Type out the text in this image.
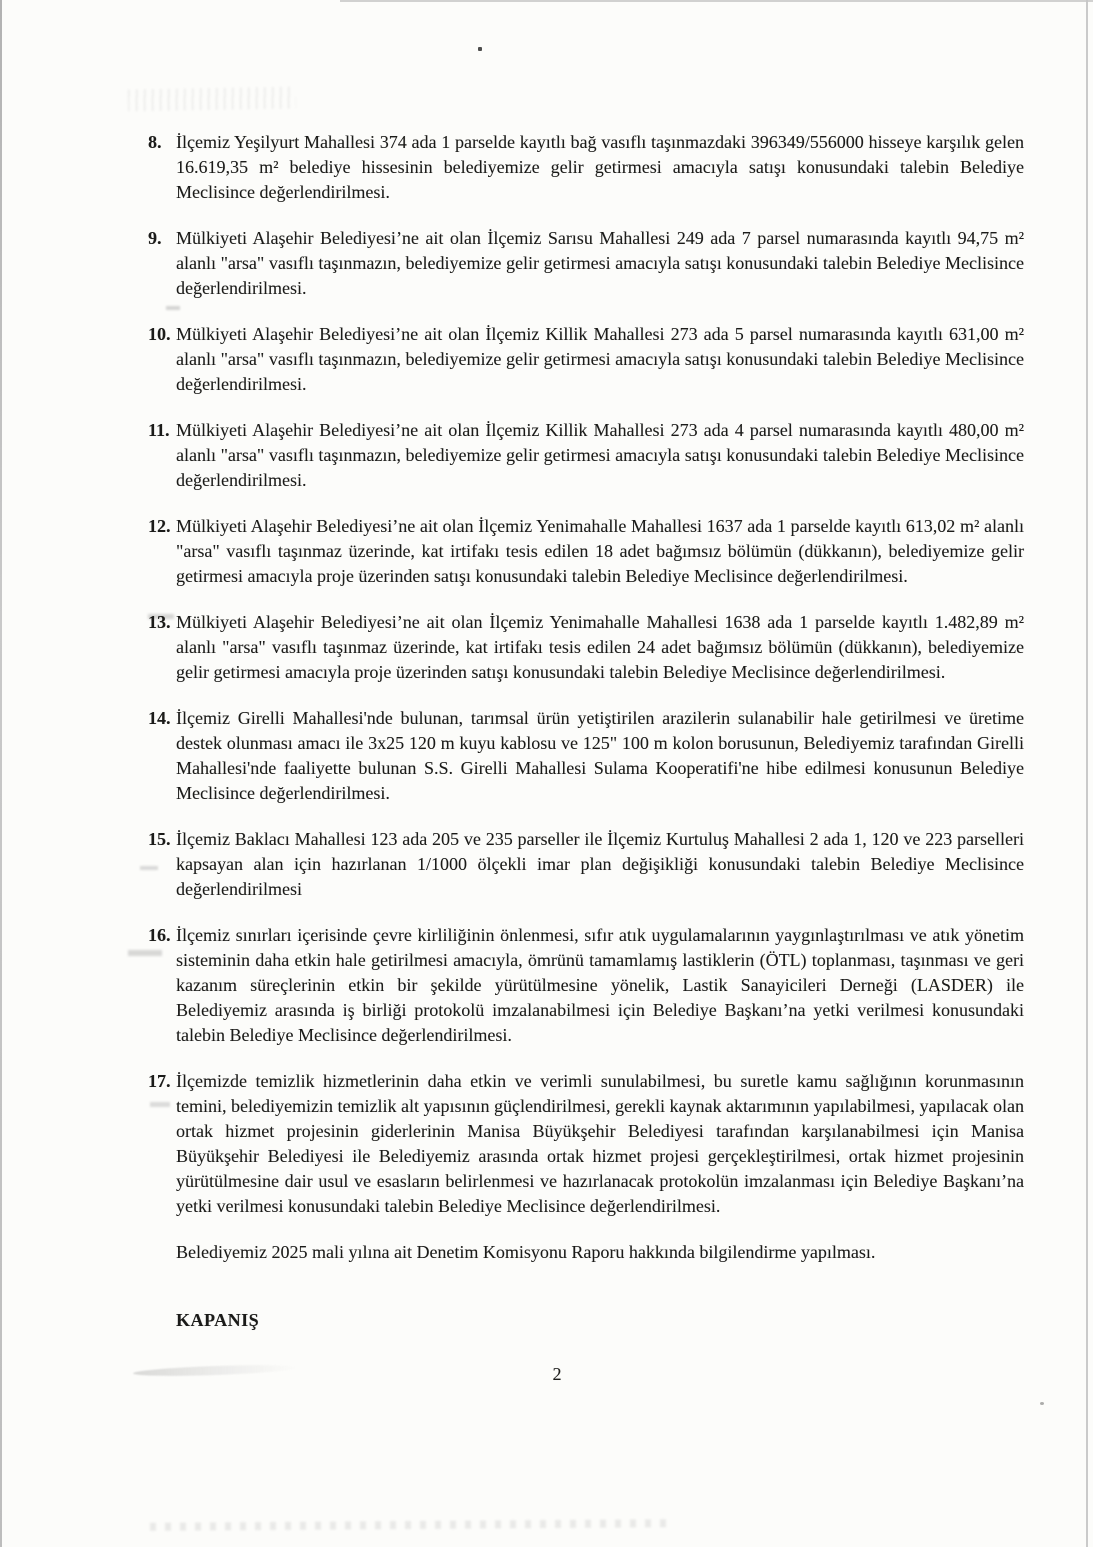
8. İlçemiz Yeşilyurt Mahallesi 374 ada 1 parselde kayıtlı bağ vasıflı taşınmazdaki 396349/556000 hisseye karşılık gelen 16.619,35 m² belediye hissesinin belediyemize gelir getirmesi amacıyla satışı konusundaki talebin Belediye Meclisince değerlendirilmesi.
9. Mülkiyeti Alaşehir Belediyesi’ne ait olan İlçemiz Sarısu Mahallesi 249 ada 7 parsel numarasında kayıtlı 94,75 m² alanlı "arsa" vasıflı taşınmazın, belediyemize gelir getirmesi amacıyla satışı konusundaki talebin Belediye Meclisince değerlendirilmesi.
10. Mülkiyeti Alaşehir Belediyesi’ne ait olan İlçemiz Killik Mahallesi 273 ada 5 parsel numarasında kayıtlı 631,00 m² alanlı "arsa" vasıflı taşınmazın, belediyemize gelir getirmesi amacıyla satışı konusundaki talebin Belediye Meclisince değerlendirilmesi.
11. Mülkiyeti Alaşehir Belediyesi’ne ait olan İlçemiz Killik Mahallesi 273 ada 4 parsel numarasında kayıtlı 480,00 m² alanlı "arsa" vasıflı taşınmazın, belediyemize gelir getirmesi amacıyla satışı konusundaki talebin Belediye Meclisince değerlendirilmesi.
12. Mülkiyeti Alaşehir Belediyesi’ne ait olan İlçemiz Yenimahalle Mahallesi 1637 ada 1 parselde kayıtlı 613,02 m² alanlı "arsa" vasıflı taşınmaz üzerinde, kat irtifakı tesis edilen 18 adet bağımsız bölümün (dükkanın), belediyemize gelir getirmesi amacıyla proje üzerinden satışı konusundaki talebin Belediye Meclisince değerlendirilmesi.
13. Mülkiyeti Alaşehir Belediyesi’ne ait olan İlçemiz Yenimahalle Mahallesi 1638 ada 1 parselde kayıtlı 1.482,89 m² alanlı "arsa" vasıflı taşınmaz üzerinde, kat irtifakı tesis edilen 24 adet bağımsız bölümün (dükkanın), belediyemize gelir getirmesi amacıyla proje üzerinden satışı konusundaki talebin Belediye Meclisince değerlendirilmesi.
14. İlçemiz Girelli Mahallesi'nde bulunan, tarımsal ürün yetiştirilen arazilerin sulanabilir hale getirilmesi ve üretime destek olunması amacı ile 3x25 120 m kuyu kablosu ve 125" 100 m kolon borusunun, Belediyemiz tarafından Girelli Mahallesi'nde faaliyette bulunan S.S. Girelli Mahallesi Sulama Kooperatifi'ne hibe edilmesi konusunun Belediye Meclisince değerlendirilmesi.
15. İlçemiz Baklacı Mahallesi 123 ada 205 ve 235 parseller ile İlçemiz Kurtuluş Mahallesi 2 ada 1, 120 ve 223 parselleri kapsayan alan için hazırlanan 1/1000 ölçekli imar plan değişikliği konusundaki talebin Belediye Meclisince değerlendirilmesi
16. İlçemiz sınırları içerisinde çevre kirliliğinin önlenmesi, sıfır atık uygulamalarının yaygınlaştırılması ve atık yönetim sisteminin daha etkin hale getirilmesi amacıyla, ömrünü tamamlamış lastiklerin (ÖTL) toplanması, taşınması ve geri kazanım süreçlerinin etkin bir şekilde yürütülmesine yönelik, Lastik Sanayicileri Derneği (LASDER) ile Belediyemiz arasında iş birliği protokolü imzalanabilmesi için Belediye Başkanı’na yetki verilmesi konusundaki talebin Belediye Meclisince değerlendirilmesi.
17. İlçemizde temizlik hizmetlerinin daha etkin ve verimli sunulabilmesi, bu suretle kamu sağlığının korunmasının temini, belediyemizin temizlik alt yapısının güçlendirilmesi, gerekli kaynak aktarımının yapılabilmesi, yapılacak olan ortak hizmet projesinin giderlerinin Manisa Büyükşehir Belediyesi tarafından karşılanabilmesi için Manisa Büyükşehir Belediyesi ile Belediyemiz arasında ortak hizmet projesi gerçekleştirilmesi, ortak hizmet projesinin yürütülmesine dair usul ve esasların belirlenmesi ve hazırlanacak protokolün imzalanması için Belediye Başkanı’na yetki verilmesi konusundaki talebin Belediye Meclisince değerlendirilmesi.

Belediyemiz 2025 mali yılına ait Denetim Komisyonu Raporu hakkında bilgilendirme yapılması.

KAPANIŞ

2
